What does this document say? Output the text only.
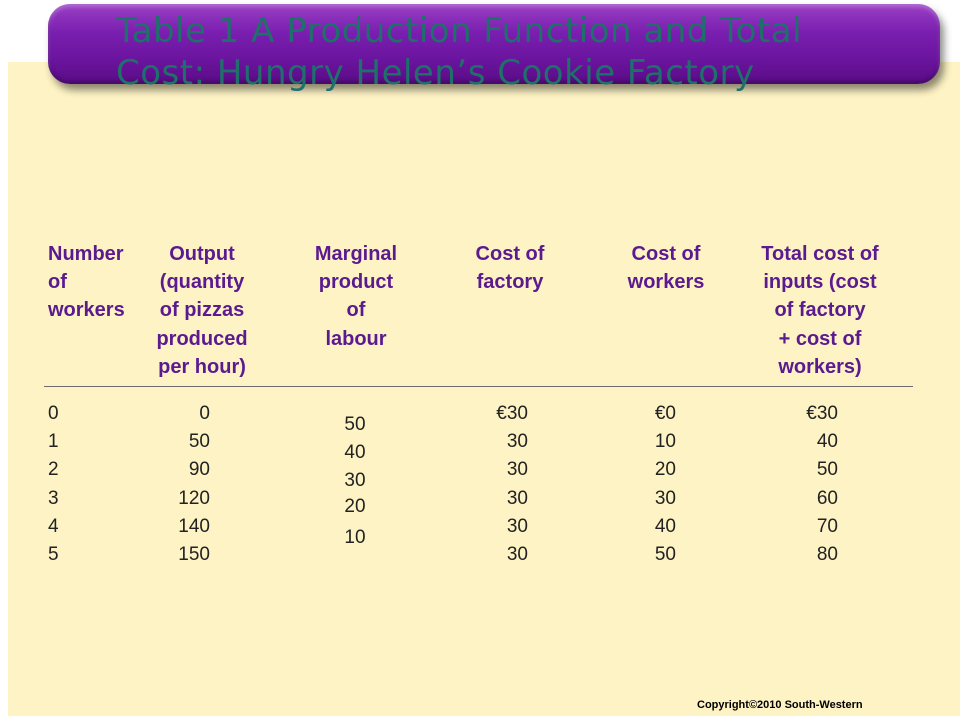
Table 1 A Production Function and Total
Cost: Hungry Helen’s Cookie Factory
Number
of
workers
Output
(quantity
of pizzas
produced
per hour)
Marginal
product
of
labour
Cost of
factory
Cost of
workers
Total cost of
inputs (cost
of factory
+ cost of
workers)
0
1
2
3
4
5
0
50
90
120
140
150
50
40
30
20
10
€30
30
30
30
30
30
€0
10
20
30
40
50
€30
40
50
60
70
80
Copyright©2010 South-Western
